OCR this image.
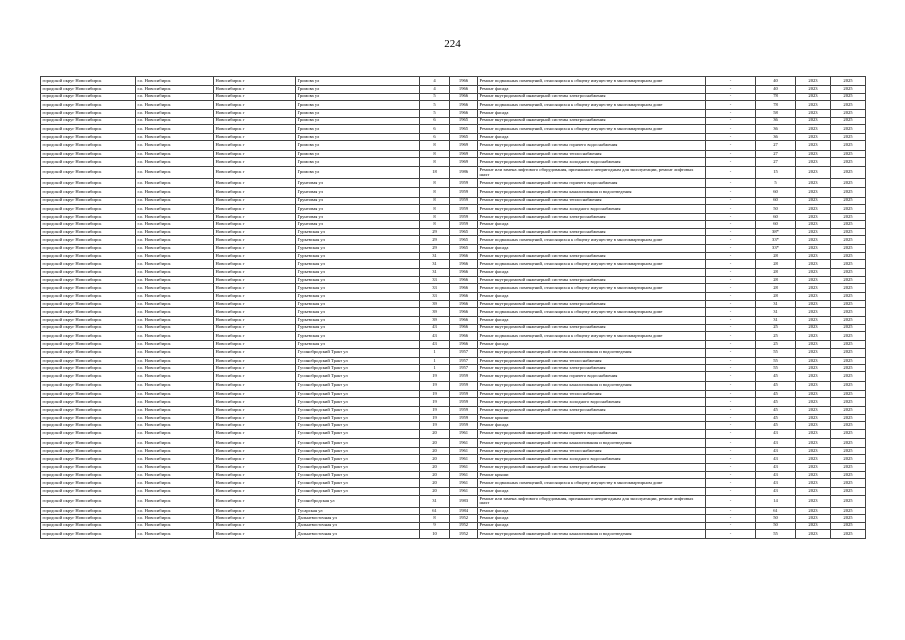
224
городской округ Новосибирск	г.о. Новосибирск	Новосибирск г	Громова ул	4	1966	Ремонт подвальных помещений, относящихся к общему имуществу в многоквартирном доме	-	40	2023	2025
городской округ Новосибирск	г.о. Новосибирск	Новосибирск г	Громова ул	4	1966	Ремонт фасада	-	40	2023	2025
городской округ Новосибирск	г.о. Новосибирск	Новосибирск г	Громова ул	5	1966	Ремонт внутридомовой инженерной системы электроснабжения	-	78	2023	2025
городской округ Новосибирск	г.о. Новосибирск	Новосибирск г	Громова ул	5	1966	Ремонт подвальных помещений, относящихся к общему имуществу в многоквартирном доме	-	78	2023	2025
городской округ Новосибирск	г.о. Новосибирск	Новосибирск г	Громова ул	5	1966	Ремонт фасада	-	58	2023	2025
городской округ Новосибирск	г.о. Новосибирск	Новосибирск г	Громова ул	6	1965	Ремонт внутридомовой инженерной системы электроснабжения	-	36	2023	2025
городской округ Новосибирск	г.о. Новосибирск	Новосибирск г	Громова ул	6	1965	Ремонт подвальных помещений, относящихся к общему имуществу в многоквартирном доме	-	36	2023	2025
городской округ Новосибирск	г.о. Новосибирск	Новосибирск г	Громова ул	6	1965	Ремонт фасада	-	36	2023	2025
городской округ Новосибирск	г.о. Новосибирск	Новосибирск г	Громова ул	8	1969	Ремонт внутридомовой инженерной системы горячего водоснабжения	-	27	2023	2025
городской округ Новосибирск	г.о. Новосибирск	Новосибирск г	Громова ул	8	1969	Ремонт внутридомовой инженерной системы теплоснабжения	-	27	2023	2025
городской округ Новосибирск	г.о. Новосибирск	Новосибирск г	Громова ул	8	1969	Ремонт внутридомовой инженерной системы холодного водоснабжения	-	27	2023	2025
городской округ Новосибирск	г.о. Новосибирск	Новосибирск г	Громова ул	18	1986	Ремонт или замена лифтового оборудования, признанного непригодным для эксплуатации, ремонт лифтовых шахт	-	15	2023	2025
городской округ Новосибирск	г.о. Новосибирск	Новосибирск г	Грунтовая ул	8	1959	Ремонт внутридомовой инженерной системы горячего водоснабжения	-	5	2023	2025
городской округ Новосибирск	г.о. Новосибирск	Новосибирск г	Грунтовая ул	8	1959	Ремонт внутридомовой инженерной системы канализования и водоотведения	-	60	2023	2025
городской округ Новосибирск	г.о. Новосибирск	Новосибирск г	Грунтовая ул	8	1959	Ремонт внутридомовой инженерной системы теплоснабжения	-	60	2023	2025
городской округ Новосибирск	г.о. Новосибирск	Новосибирск г	Грунтовая ул	8	1959	Ремонт внутридомовой инженерной системы холодного водоснабжения	-	50	2023	2025
городской округ Новосибирск	г.о. Новосибирск	Новосибирск г	Грунтовая ул	8	1959	Ремонт внутридомовой инженерной системы электроснабжения	-	60	2023	2025
городской округ Новосибирск	г.о. Новосибирск	Новосибирск г	Грунтовая ул	8	1959	Ремонт фасада	-	60	2023	2025
городской округ Новосибирск	г.о. Новосибирск	Новосибирск г	Гурьевская ул	29	1965	Ремонт внутридомовой инженерной системы электроснабжения	-	38*	2023	2025
городской округ Новосибирск	г.о. Новосибирск	Новосибирск г	Гурьевская ул	29	1965	Ремонт подвальных помещений, относящихся к общему имуществу в многоквартирном доме	-	33*	2023	2025
городской округ Новосибирск	г.о. Новосибирск	Новосибирск г	Гурьевская ул	29	1965	Ремонт фасада	-	33*	2023	2025
городской округ Новосибирск	г.о. Новосибирск	Новосибирск г	Гурьевская ул	31	1966	Ремонт внутридомовой инженерной системы электроснабжения	-	28	2023	2025
городской округ Новосибирск	г.о. Новосибирск	Новосибирск г	Гурьевская ул	31	1966	Ремонт подвальных помещений, относящихся к общему имуществу в многоквартирном доме	-	28	2023	2025
городской округ Новосибирск	г.о. Новосибирск	Новосибирск г	Гурьевская ул	31	1966	Ремонт фасада	-	28	2023	2025
городской округ Новосибирск	г.о. Новосибирск	Новосибирск г	Гурьевская ул	33	1966	Ремонт внутридомовой инженерной системы электроснабжения	-	28	2023	2025
городской округ Новосибирск	г.о. Новосибирск	Новосибирск г	Гурьевская ул	33	1966	Ремонт подвальных помещений, относящихся к общему имуществу в многоквартирном доме	-	28	2023	2025
городской округ Новосибирск	г.о. Новосибирск	Новосибирск г	Гурьевская ул	33	1966	Ремонт фасада	-	28	2023	2025
городской округ Новосибирск	г.о. Новосибирск	Новосибирск г	Гурьевская ул	39	1966	Ремонт внутридомовой инженерной системы электроснабжения	-	31	2023	2025
городской округ Новосибирск	г.о. Новосибирск	Новосибирск г	Гурьевская ул	39	1966	Ремонт подвальных помещений, относящихся к общему имуществу в многоквартирном доме	-	31	2023	2025
городской округ Новосибирск	г.о. Новосибирск	Новосибирск г	Гурьевская ул	39	1966	Ремонт фасада	-	31	2023	2025
городской округ Новосибирск	г.о. Новосибирск	Новосибирск г	Гурьевская ул	43	1966	Ремонт внутридомовой инженерной системы электроснабжения	-	25	2023	2025
городской округ Новосибирск	г.о. Новосибирск	Новосибирск г	Гурьевская ул	43	1966	Ремонт подвальных помещений, относящихся к общему имуществу в многоквартирном доме	-	25	2023	2025
городской округ Новосибирск	г.о. Новосибирск	Новосибирск г	Гурьевская ул	43	1966	Ремонт фасада	-	25	2023	2025
городской округ Новосибирск	г.о. Новосибирск	Новосибирск г	Гусинобродский Тракт ул	1	1957	Ремонт внутридомовой инженерной системы канализования и водоотведения	-	55	2023	2025
городской округ Новосибирск	г.о. Новосибирск	Новосибирск г	Гусинобродский Тракт ул	1	1957	Ремонт внутридомовой инженерной системы теплоснабжения	-	55	2023	2025
городской округ Новосибирск	г.о. Новосибирск	Новосибирск г	Гусинобродский Тракт ул	1	1957	Ремонт внутридомовой инженерной системы электроснабжения	-	55	2023	2025
городской округ Новосибирск	г.о. Новосибирск	Новосибирск г	Гусинобродский Тракт ул	19	1959	Ремонт внутридомовой инженерной системы горячего водоснабжения	-	45	2023	2025
городской округ Новосибирск	г.о. Новосибирск	Новосибирск г	Гусинобродский Тракт ул	19	1959	Ремонт внутридомовой инженерной системы канализования и водоотведения	-	45	2023	2025
городской округ Новосибирск	г.о. Новосибирск	Новосибирск г	Гусинобродский Тракт ул	19	1959	Ремонт внутридомовой инженерной системы теплоснабжения	-	45	2023	2025
городской округ Новосибирск	г.о. Новосибирск	Новосибирск г	Гусинобродский Тракт ул	19	1959	Ремонт внутридомовой инженерной системы холодного водоснабжения	-	45	2023	2025
городской округ Новосибирск	г.о. Новосибирск	Новосибирск г	Гусинобродский Тракт ул	19	1959	Ремонт внутридомовой инженерной системы электроснабжения	-	45	2023	2025
городской округ Новосибирск	г.о. Новосибирск	Новосибирск г	Гусинобродский Тракт ул	19	1959	Ремонт крыши	-	45	2023	2025
городской округ Новосибирск	г.о. Новосибирск	Новосибирск г	Гусинобродский Тракт ул	19	1959	Ремонт фасада	-	45	2023	2025
городской округ Новосибирск	г.о. Новосибирск	Новосибирск г	Гусинобродский Тракт ул	20	1961	Ремонт внутридомовой инженерной системы горячего водоснабжения	-	43	2023	2025
городской округ Новосибирск	г.о. Новосибирск	Новосибирск г	Гусинобродский Тракт ул	20	1961	Ремонт внутридомовой инженерной системы канализования и водоотведения	-	43	2023	2025
городской округ Новосибирск	г.о. Новосибирск	Новосибирск г	Гусинобродский Тракт ул	20	1961	Ремонт внутридомовой инженерной системы теплоснабжения	-	43	2023	2025
городской округ Новосибирск	г.о. Новосибирск	Новосибирск г	Гусинобродский Тракт ул	20	1961	Ремонт внутридомовой инженерной системы холодного водоснабжения	-	43	2023	2025
городской округ Новосибирск	г.о. Новосибирск	Новосибирск г	Гусинобродский Тракт ул	20	1961	Ремонт внутридомовой инженерной системы электроснабжения	-	43	2023	2025
городской округ Новосибирск	г.о. Новосибирск	Новосибирск г	Гусинобродский Тракт ул	20	1961	Ремонт крыши	-	43	2023	2025
городской округ Новосибирск	г.о. Новосибирск	Новосибирск г	Гусинобродский Тракт ул	20	1961	Ремонт подвальных помещений, относящихся к общему имуществу в многоквартирном доме	-	43	2023	2025
городской округ Новосибирск	г.о. Новосибирск	Новосибирск г	Гусинобродский Тракт ул	20	1961	Ремонт фасада	-	43	2023	2025
городской округ Новосибирск	г.о. Новосибирск	Новосибирск г	Гусинобродская ул	31	1983	Ремонт или замена лифтового оборудования, признанного непригодным для эксплуатации, ремонт лифтовых шахт	-	14	2023	2025
городской округ Новосибирск	г.о. Новосибирск	Новосибирск г	Гусарская ул	61	1984	Ремонт фасада	-	61	2023	2025
городской округ Новосибирск	г.о. Новосибирск	Новосибирск г	Дальневосточная ул	8	1952	Ремонт фасада	-	50	2023	2025
городской округ Новосибирск	г.о. Новосибирск	Новосибирск г	Дальневосточная ул	9	1952	Ремонт фасада	-	50	2023	2025
городской округ Новосибирск	г.о. Новосибирск	Новосибирск г	Дальневосточная ул	10	1952	Ремонт внутридомовой инженерной системы канализования и водоотведения	-	55	2023	2025
